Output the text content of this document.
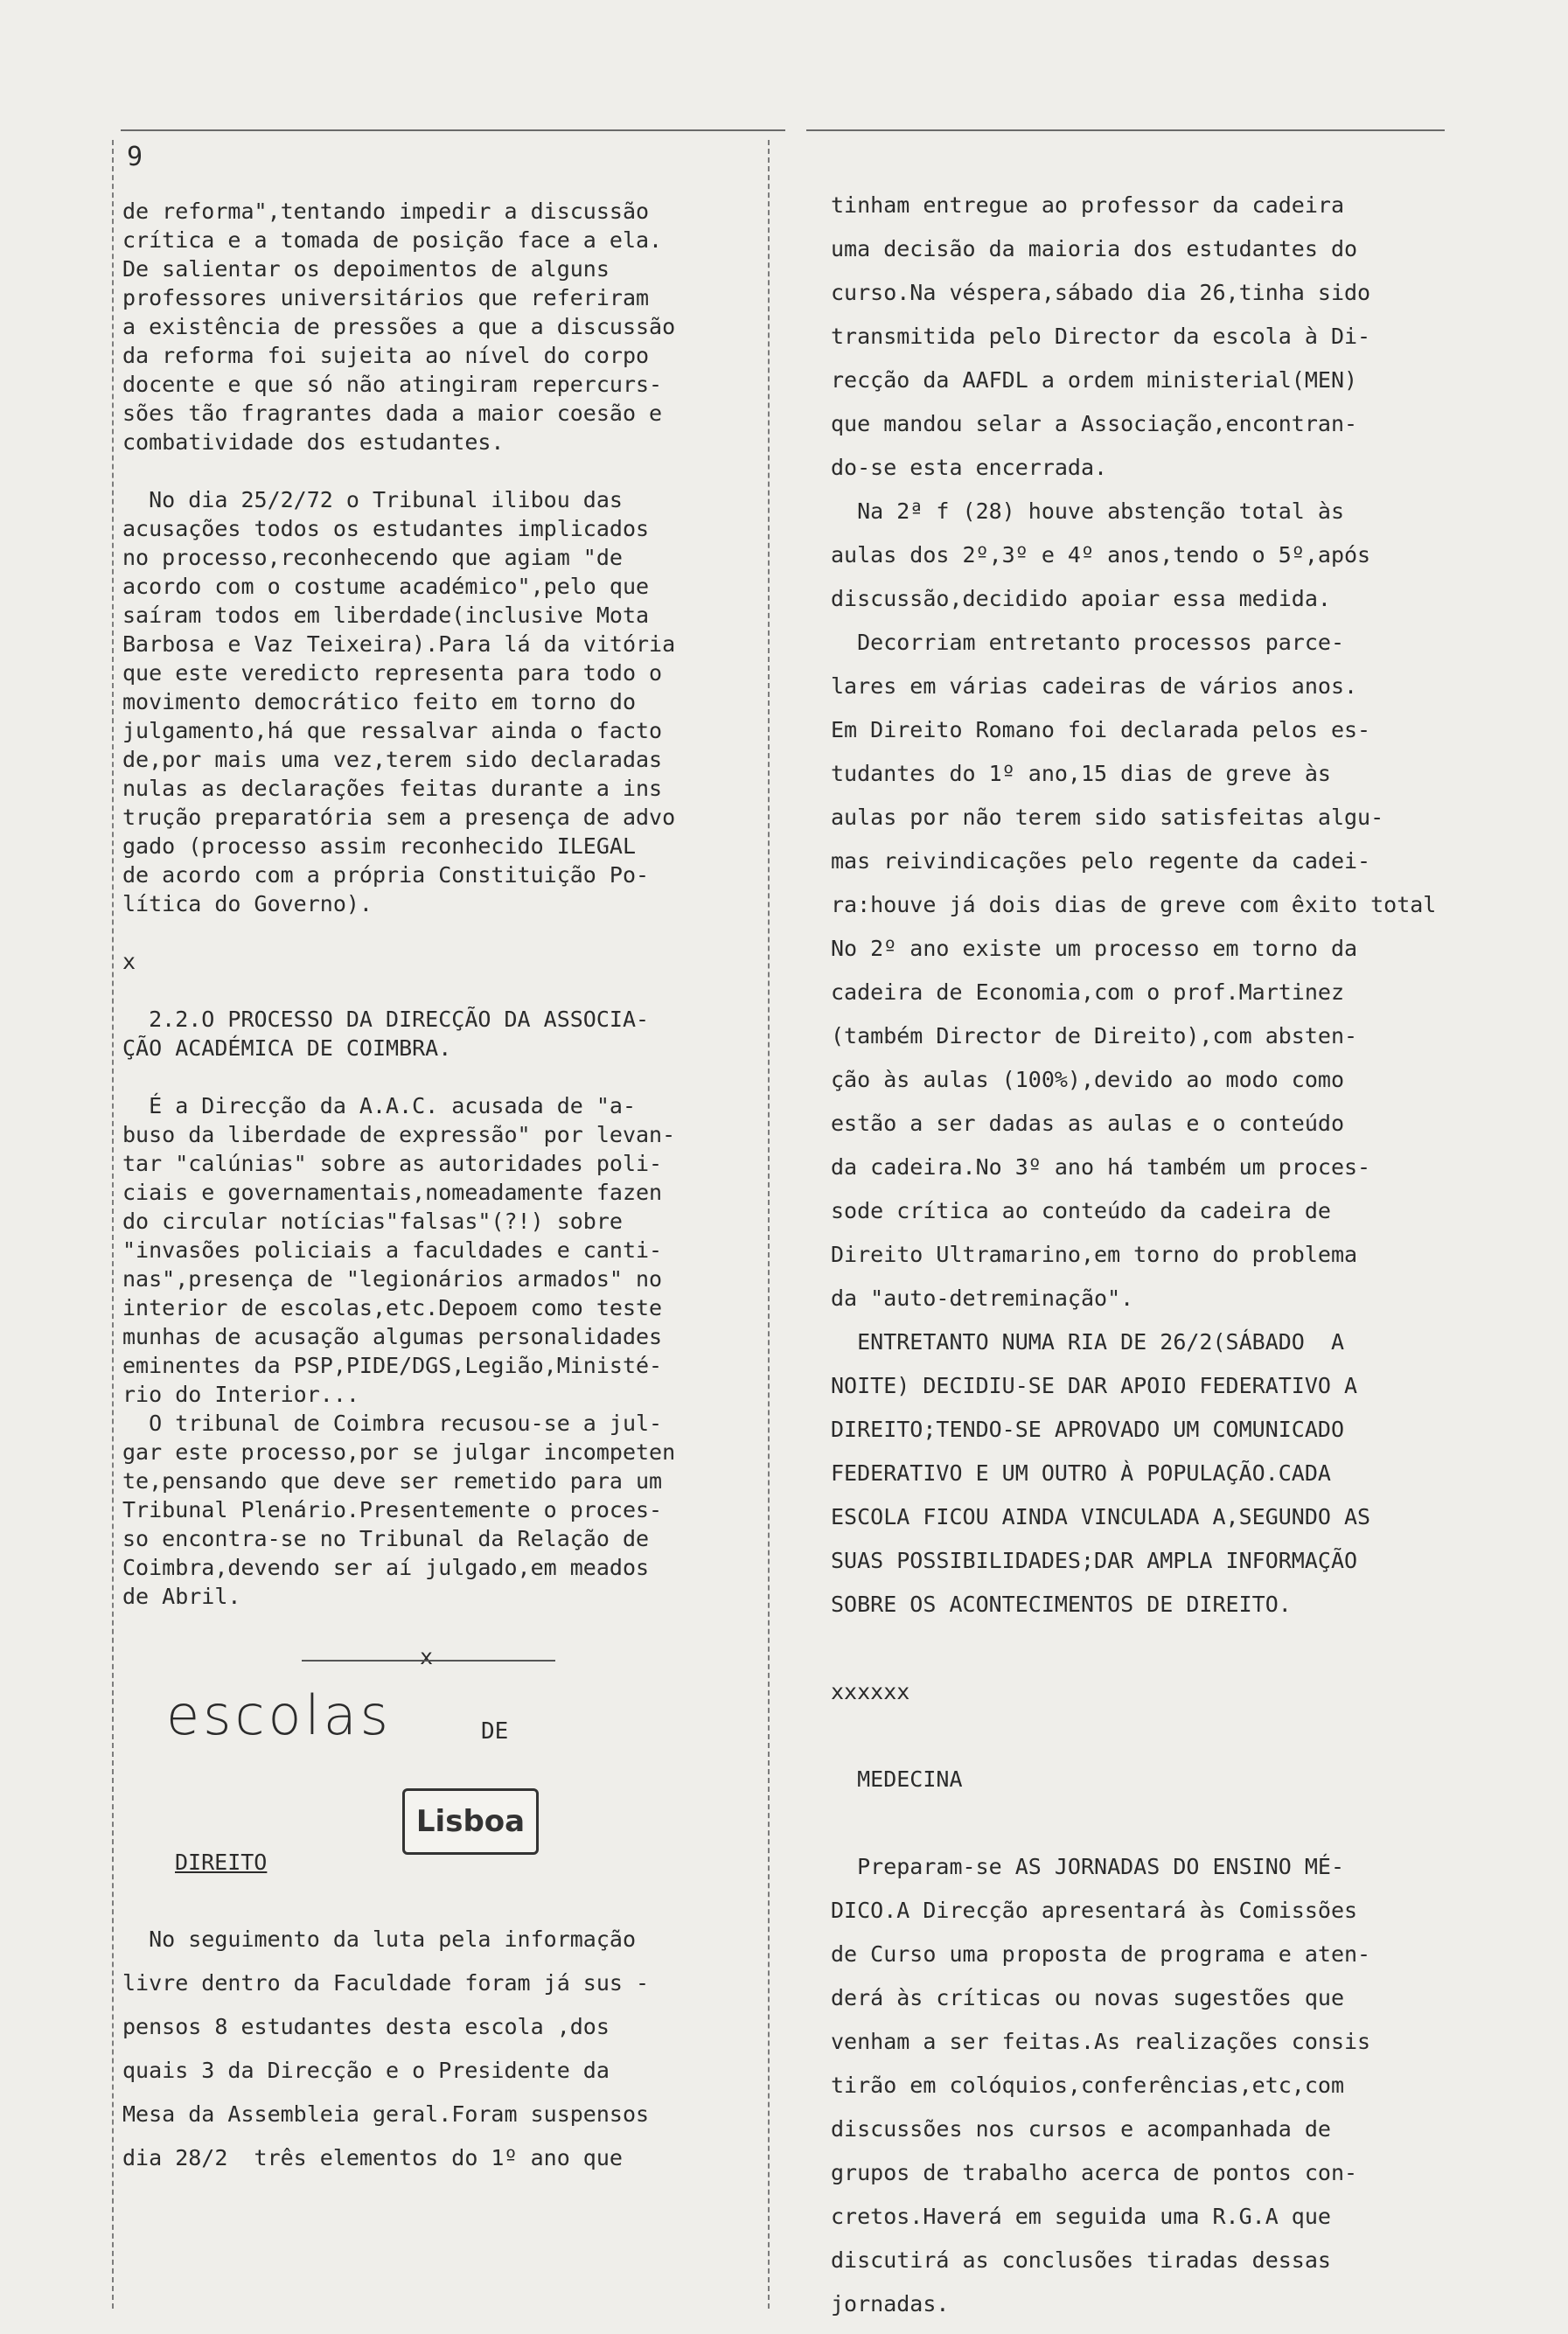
9
de reforma",tentando impedir a discussão
crítica e a tomada de posição face a ela.
De salientar os depoimentos de alguns
professores universitários que referiram
a existência de pressões a que a discussão
da reforma foi sujeita ao nível do corpo
docente e que só não atingiram repercurs-
sões tão fragrantes dada a maior coesão e
combatividade dos estudantes.
No dia 25/2/72 o Tribunal ilibou das
acusações todos os estudantes implicados
no processo,reconhecendo que agiam "de
acordo com o costume académico",pelo que
saíram todos em liberdade(inclusive Mota
Barbosa e Vaz Teixeira).Para lá da vitória
que este veredicto representa para todo o
movimento democrático feito em torno do
julgamento,há que ressalvar ainda o facto
de,por mais uma vez,terem sido declaradas
nulas as declarações feitas durante a ins
trução preparatória sem a presença de advo
gado (processo assim reconhecido ILEGAL
de acordo com a própria Constituição Po-
lítica do Governo).
x
2.2.O PROCESSO DA DIRECÇÃO DA ASSOCIA-
ÇÃO ACADÉMICA DE COIMBRA.
É a Direcção da A.A.C. acusada de "a-
buso da liberdade de expressão" por levan-
tar "calúnias" sobre as autoridades poli-
ciais e governamentais,nomeadamente fazen
do circular notícias"falsas"(?!) sobre
"invasões policiais a faculdades e canti-
nas",presença de "legionários armados" no
interior de escolas,etc.Depoem como teste
munhas de acusação algumas personalidades
eminentes da PSP,PIDE/DGS,Legião,Ministé-
rio do Interior...
O tribunal de Coimbra recusou-se a jul-
gar este processo,por se julgar incompeten
te,pensando que deve ser remetido para um
Tribunal Plenário.Presentemente o proces-
so encontra-se no Tribunal da Relação de
Coimbra,devendo ser aí julgado,em meados
de Abril.
x
escolas	DE
Lisboa
DIREITO
No seguimento da luta pela informação
livre dentro da Faculdade foram já sus -
pensos 8 estudantes desta escola ,dos
quais 3 da Direcção e o Presidente da
Mesa da Assembleia geral.Foram suspensos
dia 28/2  três elementos do 1º ano que
tinham entregue ao professor da cadeira
uma decisão da maioria dos estudantes do
curso.Na véspera,sábado dia 26,tinha sido
transmitida pelo Director da escola à Di-
recção da AAFDL a ordem ministerial(MEN)
que mandou selar a Associação,encontran-
do-se esta encerrada.
Na 2ª f (28) houve abstenção total às
aulas dos 2º,3º e 4º anos,tendo o 5º,após
discussão,decidido apoiar essa medida.
Decorriam entretanto processos parce-
lares em várias cadeiras de vários anos.
Em Direito Romano foi declarada pelos es-
tudantes do 1º ano,15 dias de greve às
aulas por não terem sido satisfeitas algu-
mas reivindicações pelo regente da cadei-
ra:houve já dois dias de greve com êxito total
No 2º ano existe um processo em torno da
cadeira de Economia,com o prof.Martinez
(também Director de Direito),com absten-
ção às aulas (100%),devido ao modo como
estão a ser dadas as aulas e o conteúdo
da cadeira.No 3º ano há também um proces-
sode crítica ao conteúdo da cadeira de
Direito Ultramarino,em torno do problema
da "auto-detreminação".
ENTRETANTO NUMA RIA DE 26/2(SÁBADO  A
NOITE) DECIDIU-SE DAR APOIO FEDERATIVO A
DIREITO;TENDO-SE APROVADO UM COMUNICADO
FEDERATIVO E UM OUTRO À POPULAÇÃO.CADA
ESCOLA FICOU AINDA VINCULADA A,SEGUNDO AS
SUAS POSSIBILIDADES;DAR AMPLA INFORMAÇÃO
SOBRE OS ACONTECIMENTOS DE DIREITO.
xxxxxx
MEDECINA
Preparam-se AS JORNADAS DO ENSINO MÉ-
DICO.A Direcção apresentará às Comissões
de Curso uma proposta de programa e aten-
derá às críticas ou novas sugestões que
venham a ser feitas.As realizações consis
tirão em colóquios,conferências,etc,com
discussões nos cursos e acompanhada de
grupos de trabalho acerca de pontos con-
cretos.Haverá em seguida uma R.G.A que
discutirá as conclusões tiradas dessas
jornadas.
